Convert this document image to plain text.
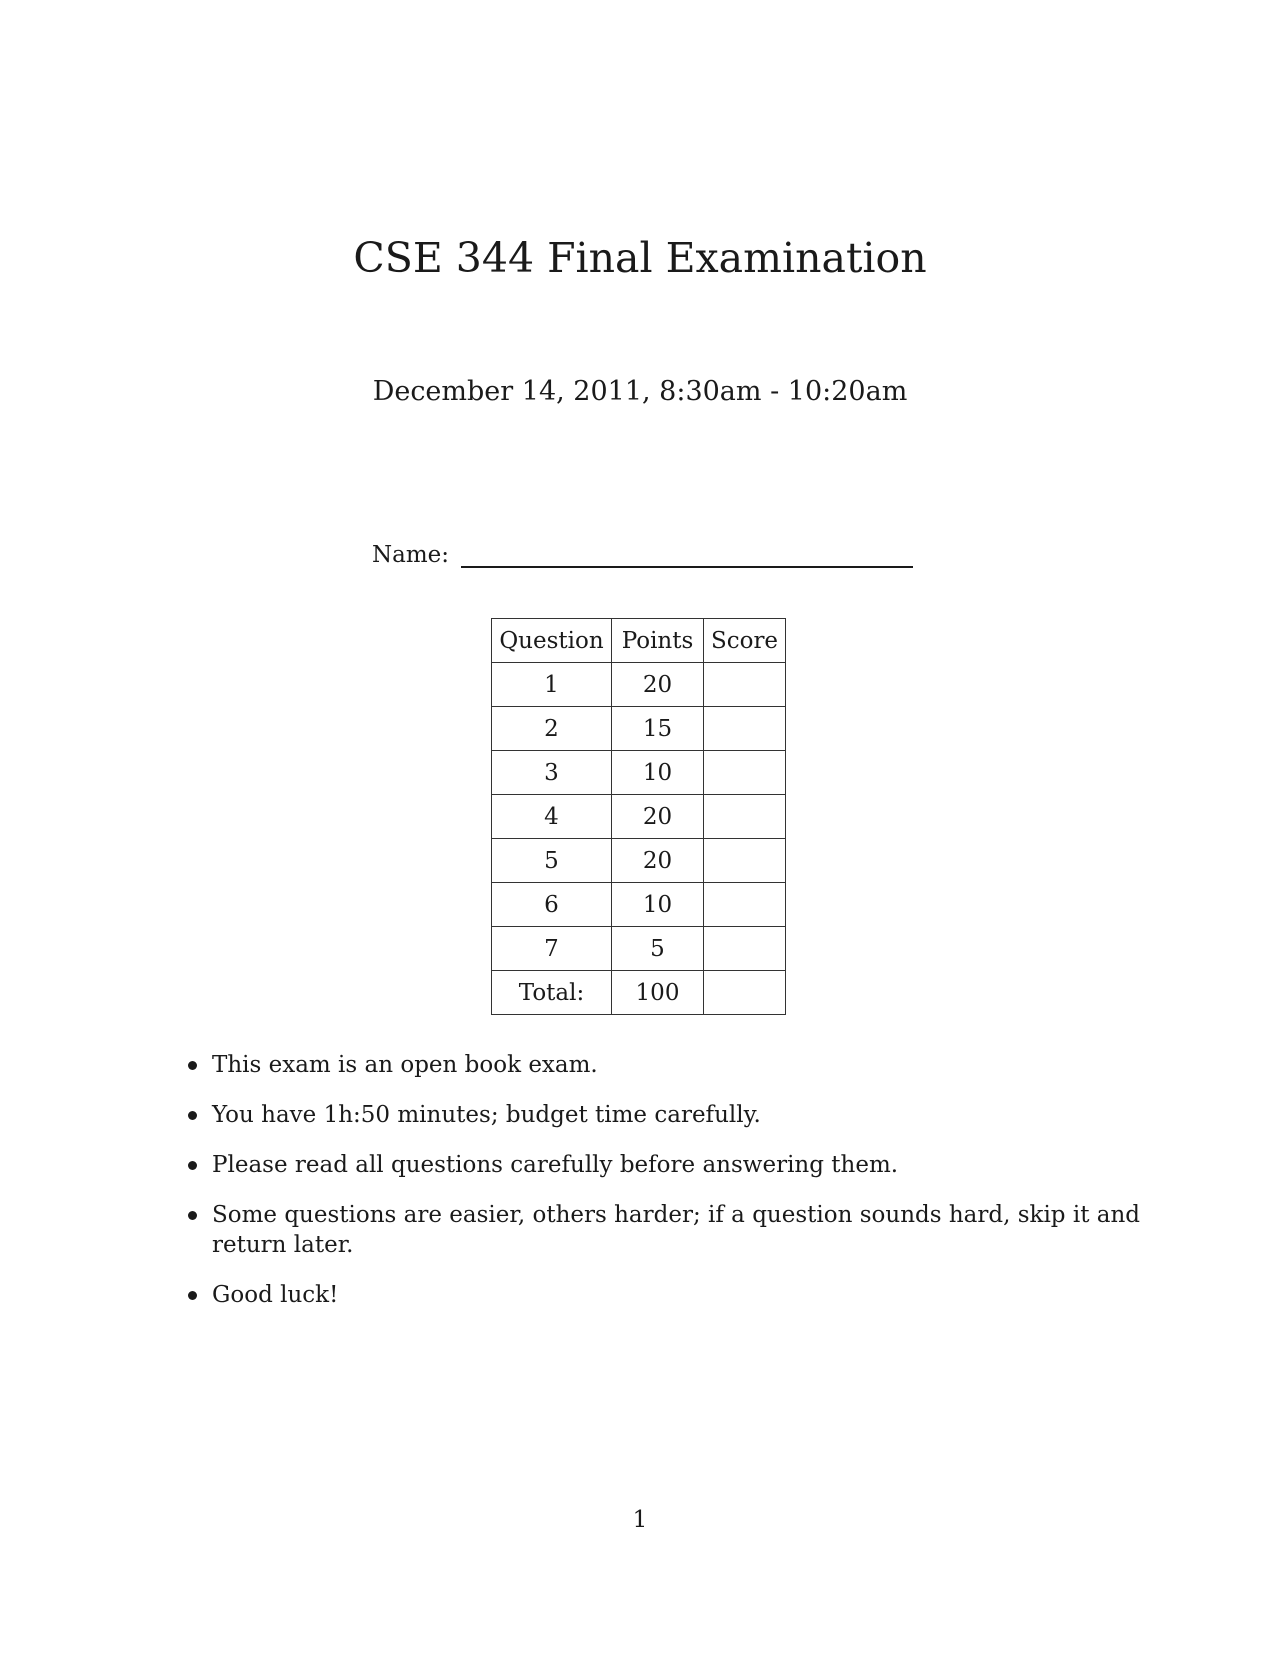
CSE 344 Final Examination

December 14, 2011, 8:30am - 10:20am

Name:
Question	Points	Score
1	20	
2	15	
3	10	
4	20	
5	20	
6	10	
7	5	
Total:	100	
This exam is an open book exam.
You have 1h:50 minutes; budget time carefully.
Please read all questions carefully before answering them.
Some questions are easier, others harder; if a question sounds hard, skip it and return later.
Good luck!
1
